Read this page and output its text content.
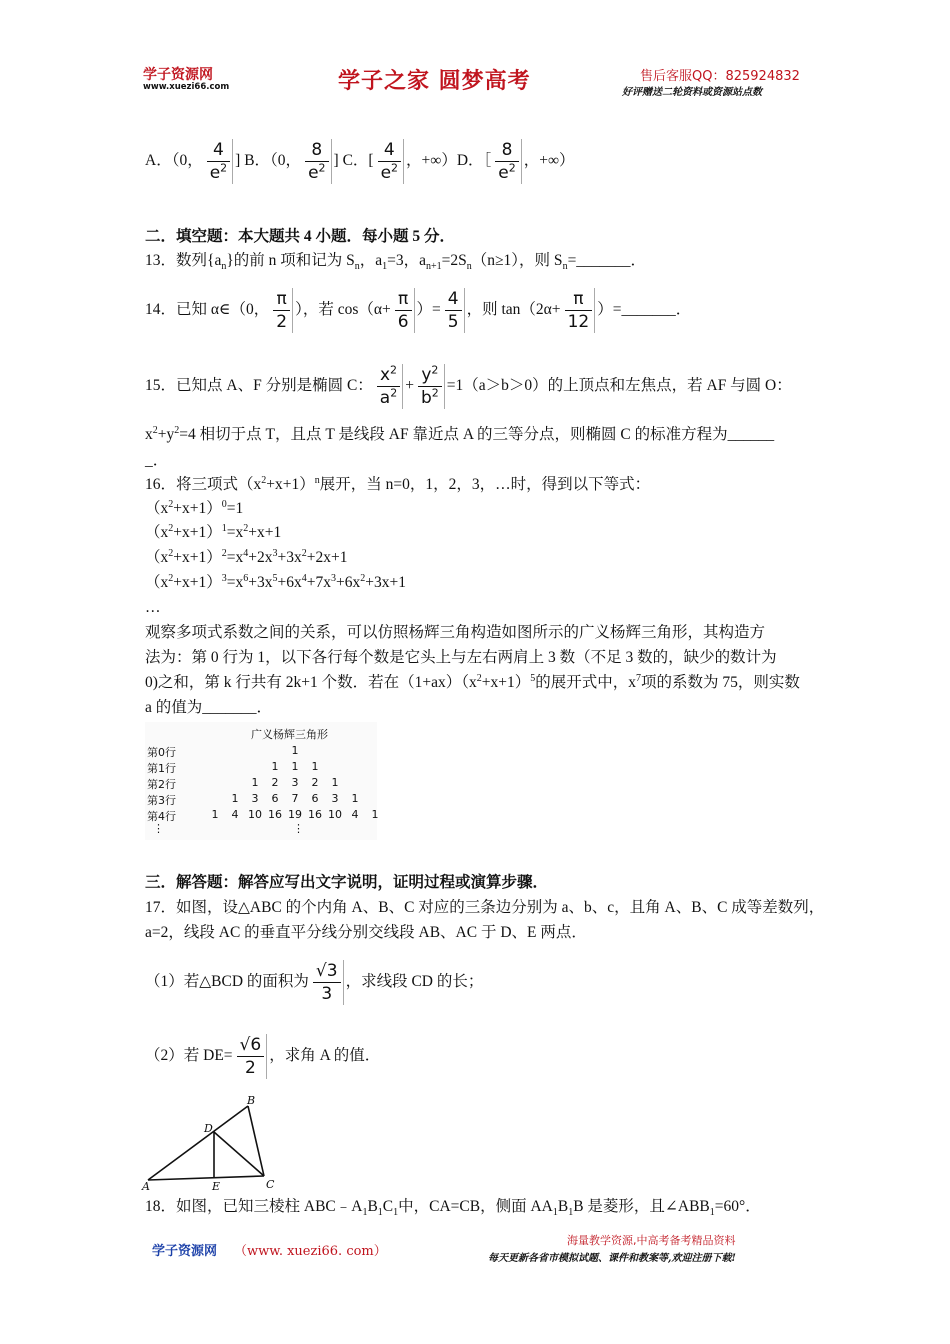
学子资源网
www.xuezi66.com	学子之家 圆梦高考	售后客服QQ：825924832
好评赠送二轮资料或资源站点数
A．（0， $\frac{4}{e^2}$ ] B．（0， $\frac{8}{e^2}$ ] C．[ $\frac{4}{e^2}$ ，+∞）D．［ $\frac{8}{e^2}$ ，+∞）
二．填空题：本大题共 4 小题．每小题 5 分．
13．数列$\{a_n\}$的前 n 项和记为 $S_n$，$a_1=3$，$a_{n+1}=2S_n(n\ge 1)$，则 $S_n=\_\_\_\_\_\_\_$．
14．已知 α∈（0， $\frac{\pi}{2}$ ），若 $\cos(\alpha+ \frac{\pi}{6}$ ）= $\frac{4}{5}$ ，则 $\tan(2\alpha+ \frac{\pi}{12}$ ）=_______．
15．已知点 A、F 分别是椭圆 C： $\frac{x^2}{a^2} + \frac{y^2}{b^2} =1(a>b>0)$的上顶点和左焦点，若 AF 与圆 O：
$x^2+y^2=4$ 相切于点 T，且点 T 是线段 AF 靠近点 A 的三等分点，则椭圆 C 的标准方程为______
_．
16．将三项式$(x^2+x+1)^n$展开，当 n=0，1，2，3，…时，得到以下等式：
$(x^2+x+1)^0=1$
$(x^2+x+1)^1=x^2+x+1$
$(x^2+x+1)^2=x^4+2x^3+3x^2+2x+1$
$(x^2+x+1)^3=x^6+3x^5+6x^4+7x^3+6x^2+3x+1$
…
观察多项式系数之间的关系，可以仿照杨辉三角构造如图所示的广义杨辉三角形，其构造方
法为：第 0 行为 1，以下各行每个数是它头上与左右两肩上 3 数（不足 3 数的，缺少的数计为
0)之和，第 k 行共有 2k+1 个数．若在$(1+ax)(x^2+x+1)^5$的展开式中，$x^7$项的系数为 75，则实数
a 的值为_______．
广义杨辉三角形
第0行	1
第1行	1	1	1
第2行	1	2	3	2	1
第3行	1	3	6	7	6	3	1
第4行	1	4 10 16 19 16 10 4	1
⋮	⋮
三．解答题：解答应写出文字说明，证明过程或演算步骤．
17．如图，设△ABC 的个内角 A、B、C 对应的三条边分别为 a、b、c，且角 A、B、C 成等差数列，
a=2，线段 AC 的垂直平分线分别交线段 AB、AC 于 D、E 两点．
（1）若△BCD 的面积为 $\frac{√3}{3}$ ，求线段 CD 的长；
（2）若 $DE= \frac{√6}{2}$ ，求角 A 的值．
B
D
A	E	C
18．如图，已知三棱柱 $ABC﹣A_1B_1C_1$中，CA=CB，侧面 $AA_1B_1B$ 是菱形，且$\angle ABB_1=60^\circ$．
学子资源网 （www. xuezi66. com）
海量教学资源,中高考备考精品资料
每天更新各省市模拟试题、课件和教案等,欢迎注册下载!
